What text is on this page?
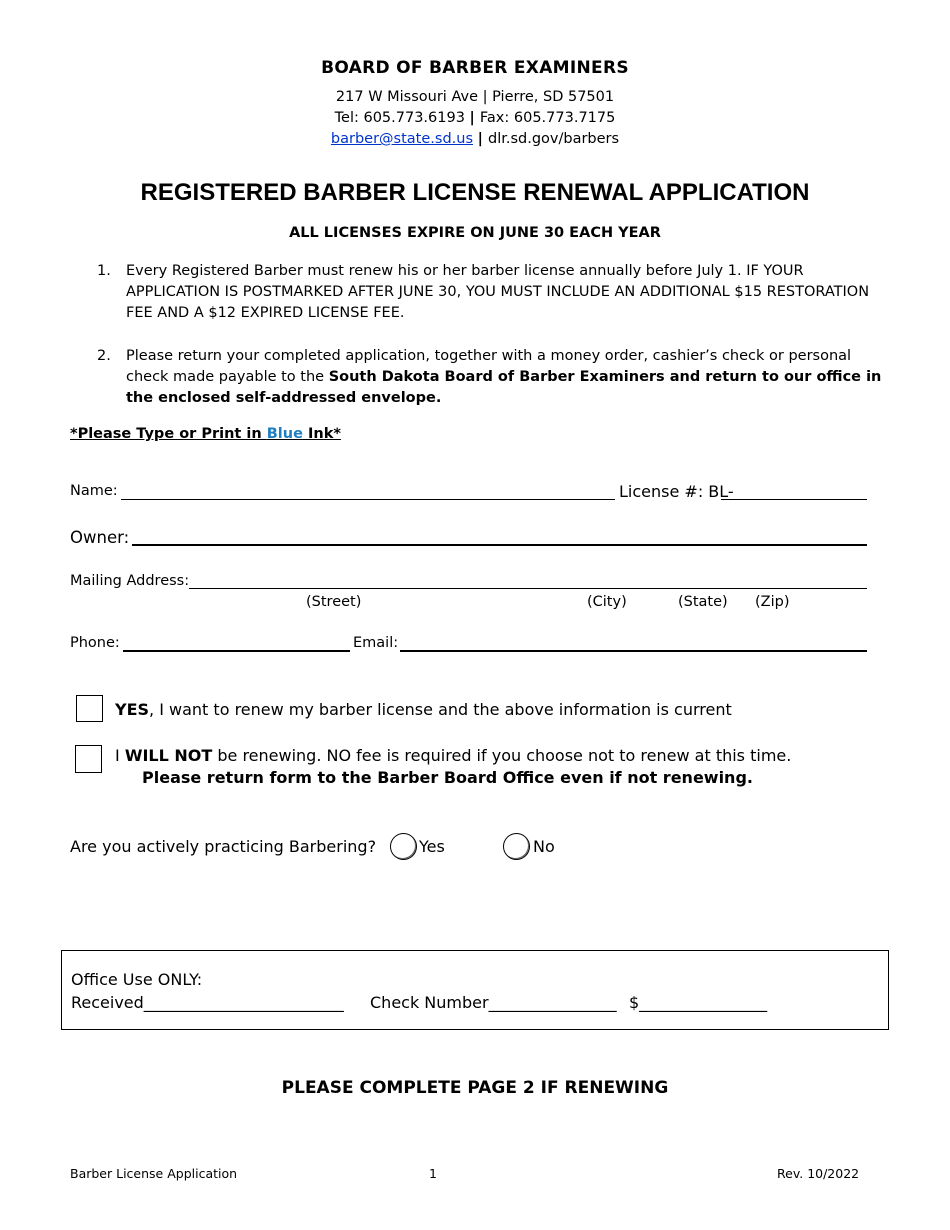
BOARD OF BARBER EXAMINERS
217 W Missouri Ave | Pierre, SD 57501
Tel: 605.773.6193 | Fax: 605.773.7175
barber@state.sd.us | dlr.sd.gov/barbers
REGISTERED BARBER LICENSE RENEWAL APPLICATION
ALL LICENSES EXPIRE ON JUNE 30 EACH YEAR
1. Every Registered Barber must renew his or her barber license annually before July 1. IF YOUR APPLICATION IS POSTMARKED AFTER JUNE 30, YOU MUST INCLUDE AN ADDITIONAL $15 RESTORATION FEE AND A $12 EXPIRED LICENSE FEE.
2. Please return your completed application, together with a money order, cashier’s check or personal check made payable to the South Dakota Board of Barber Examiners and return to our office in the enclosed self-addressed envelope.
*Please Type or Print in Blue Ink*
Name:	License #: BL-
Owner:
Mailing Address:
(Street)	(City)	(State) (Zip)
Phone:	Email:
YES, I want to renew my barber license and the above information is current
I WILL NOT be renewing. NO fee is required if you choose not to renew at this time.
Please return form to the Barber Board Office even if not renewing.
Are you actively practicing Barbering?	Yes	No
Office Use ONLY:
Received_________________________ Check Number________________ $________________
PLEASE COMPLETE PAGE 2 IF RENEWING
Barber License Application	1	Rev. 10/2022
